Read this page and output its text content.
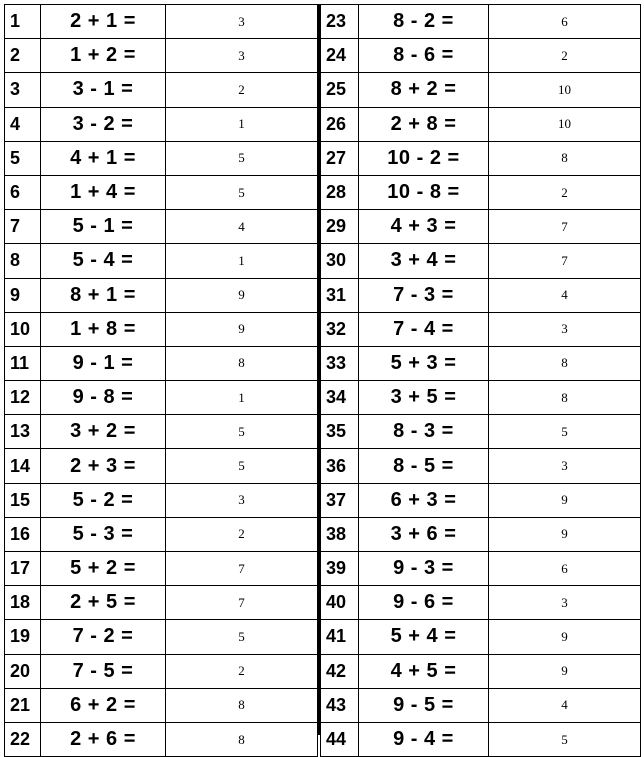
1	2 + 1 =	3
2	1 + 2 =	3
3	3 - 1 =	2
4	3 - 2 =	1
5	4 + 1 =	5
6	1 + 4 =	5
7	5 - 1 =	4
8	5 - 4 =	1
9	8 + 1 =	9
10	1 + 8 =	9
11	9 - 1 =	8
12	9 - 8 =	1
13	3 + 2 =	5
14	2 + 3 =	5
15	5 - 2 =	3
16	5 - 3 =	2
17	5 + 2 =	7
18	2 + 5 =	7
19	7 - 2 =	5
20	7 - 5 =	2
21	6 + 2 =	8
22	2 + 6 =	8
23	8 - 2 =	6
24	8 - 6 =	2
25	8 + 2 =	10
26	2 + 8 =	10
27	10 - 2 =	8
28	10 - 8 =	2
29	4 + 3 =	7
30	3 + 4 =	7
31	7 - 3 =	4
32	7 - 4 =	3
33	5 + 3 =	8
34	3 + 5 =	8
35	8 - 3 =	5
36	8 - 5 =	3
37	6 + 3 =	9
38	3 + 6 =	9
39	9 - 3 =	6
40	9 - 6 =	3
41	5 + 4 =	9
42	4 + 5 =	9
43	9 - 5 =	4
44	9 - 4 =	5
